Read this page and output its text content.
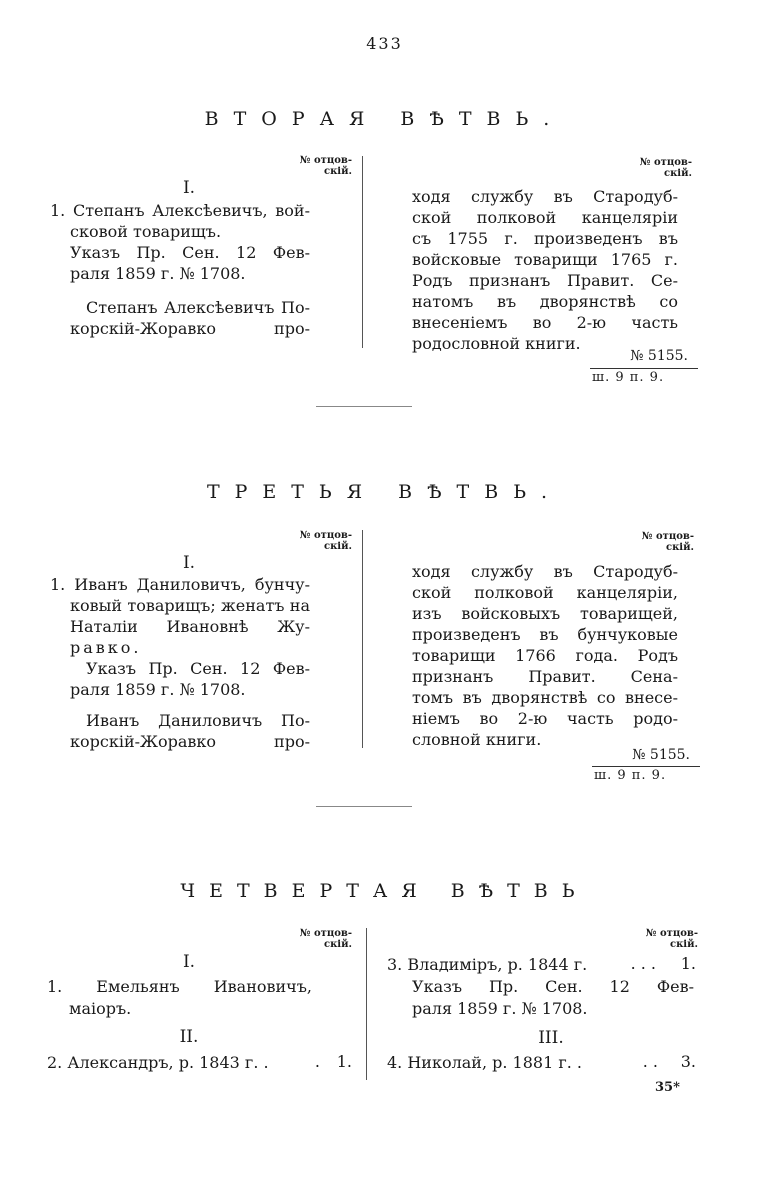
433
ВТОРАЯ ВѢТВЬ.
№ отцов-
скій.
№ отцов-
скій.
I.
1. Степанъ Алексѣевичъ, вой-
сковой товарищъ.
Указъ Пр. Сен. 12 Фев-
раля 1859 г. № 1708.
Степанъ Алексѣевичъ По-
корскій-Жоравко про-
ходя службу въ Стародуб-
ской полковой канцеляріи
съ 1755 г. произведенъ въ
войсковые товарищи 1765 г.
Родъ признанъ Правит. Се-
натомъ въ дворянствѣ со
внесеніемъ во 2-ю часть
родословной книги.
№ 5155.
ш. 9 п. 9.
ТРЕТЬЯ ВѢТВЬ.
№ отцов-
скій.
№ отцов-
скій.
I.
1. Иванъ Даниловичъ, бунчу-
ковый товарищъ; женатъ на
Наталіи Ивановнѣ Жу-
равко.
Указъ Пр. Сен. 12 Фев-
раля 1859 г. № 1708.
Иванъ Даниловичъ По-
корскій-Жоравко про-
ходя службу въ Стародуб-
ской полковой канцеляріи,
изъ войсковыхъ товарищей,
произведенъ въ бунчуковые
товарищи 1766 года. Родъ
признанъ Правит. Сена-
томъ въ дворянствѣ со внесе-
ніемъ во 2-ю часть родо-
словной книги.
№ 5155.
ш. 9 п. 9.
ЧЕТВЕРТАЯ ВѢТВЬ
№ отцов-
скій.
№ отцов-
скій.
I.
1. Емельянъ Ивановичъ,
маіоръ.
II.
2. Александръ, р. 1843 г. .	.	1.
3. Владиміръ, р. 1844 г.	. . .	1.
Указъ Пр. Сен. 12 Фев-
раля 1859 г. № 1708.
III.
4. Николай, р. 1881 г. .	. .	3.
35*
